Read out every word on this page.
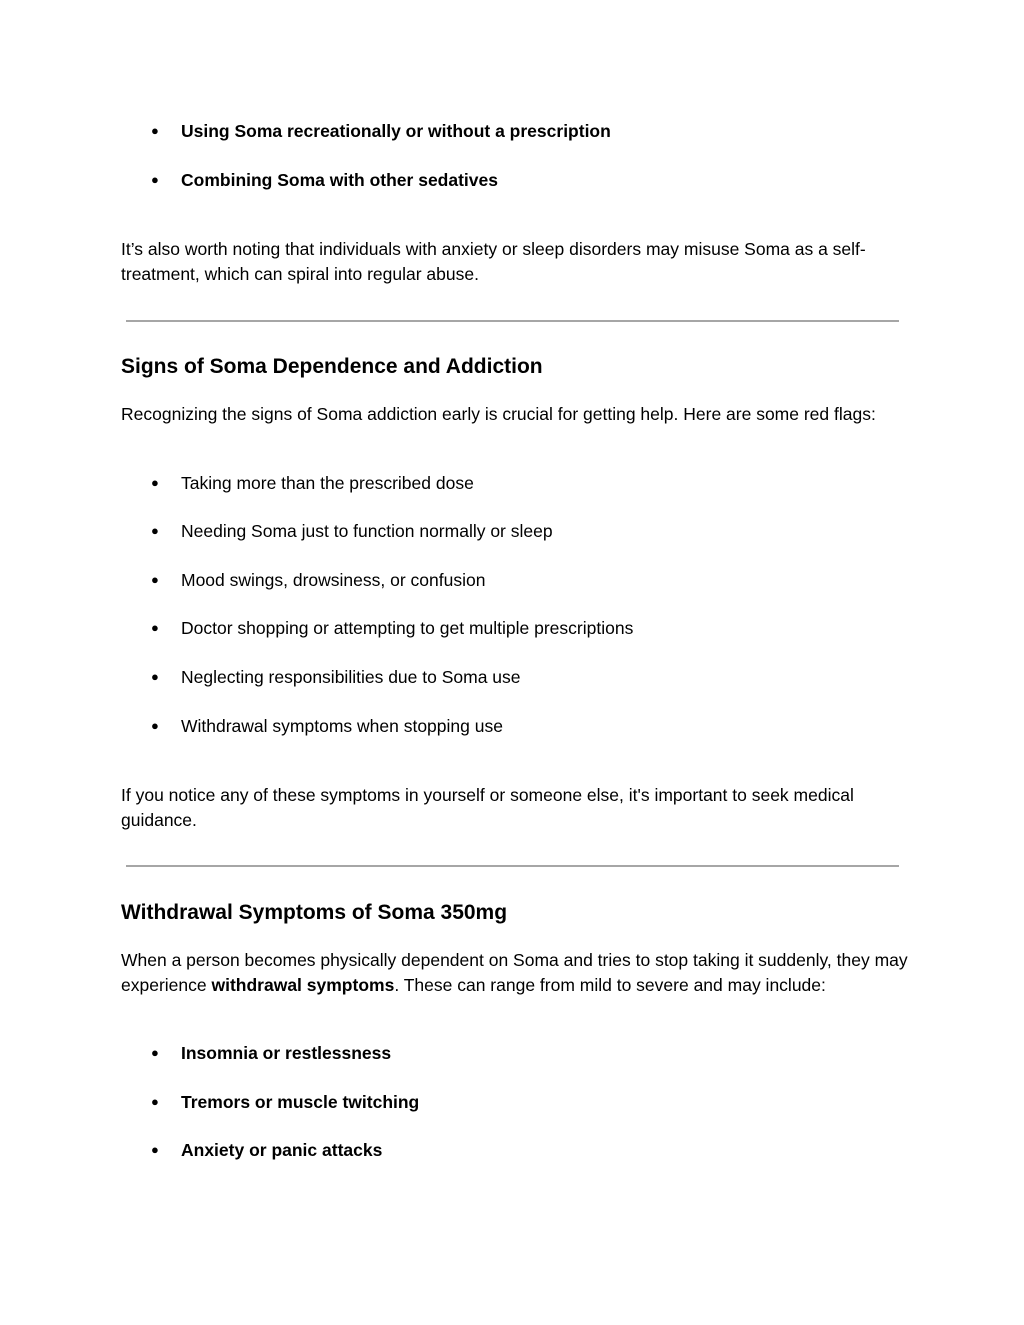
● Using Soma recreationally or without a prescription
● Combining Soma with other sedatives

It’s also worth noting that individuals with anxiety or sleep disorders may misuse Soma as a self-treatment, which can spiral into regular abuse.

Signs of Soma Dependence and Addiction

Recognizing the signs of Soma addiction early is crucial for getting help. Here are some red flags:

● Taking more than the prescribed dose
● Needing Soma just to function normally or sleep
● Mood swings, drowsiness, or confusion
● Doctor shopping or attempting to get multiple prescriptions
● Neglecting responsibilities due to Soma use
● Withdrawal symptoms when stopping use

If you notice any of these symptoms in yourself or someone else, it's important to seek medical guidance.

Withdrawal Symptoms of Soma 350mg

When a person becomes physically dependent on Soma and tries to stop taking it suddenly, they may experience withdrawal symptoms. These can range from mild to severe and may include:

● Insomnia or restlessness
● Tremors or muscle twitching
● Anxiety or panic attacks
